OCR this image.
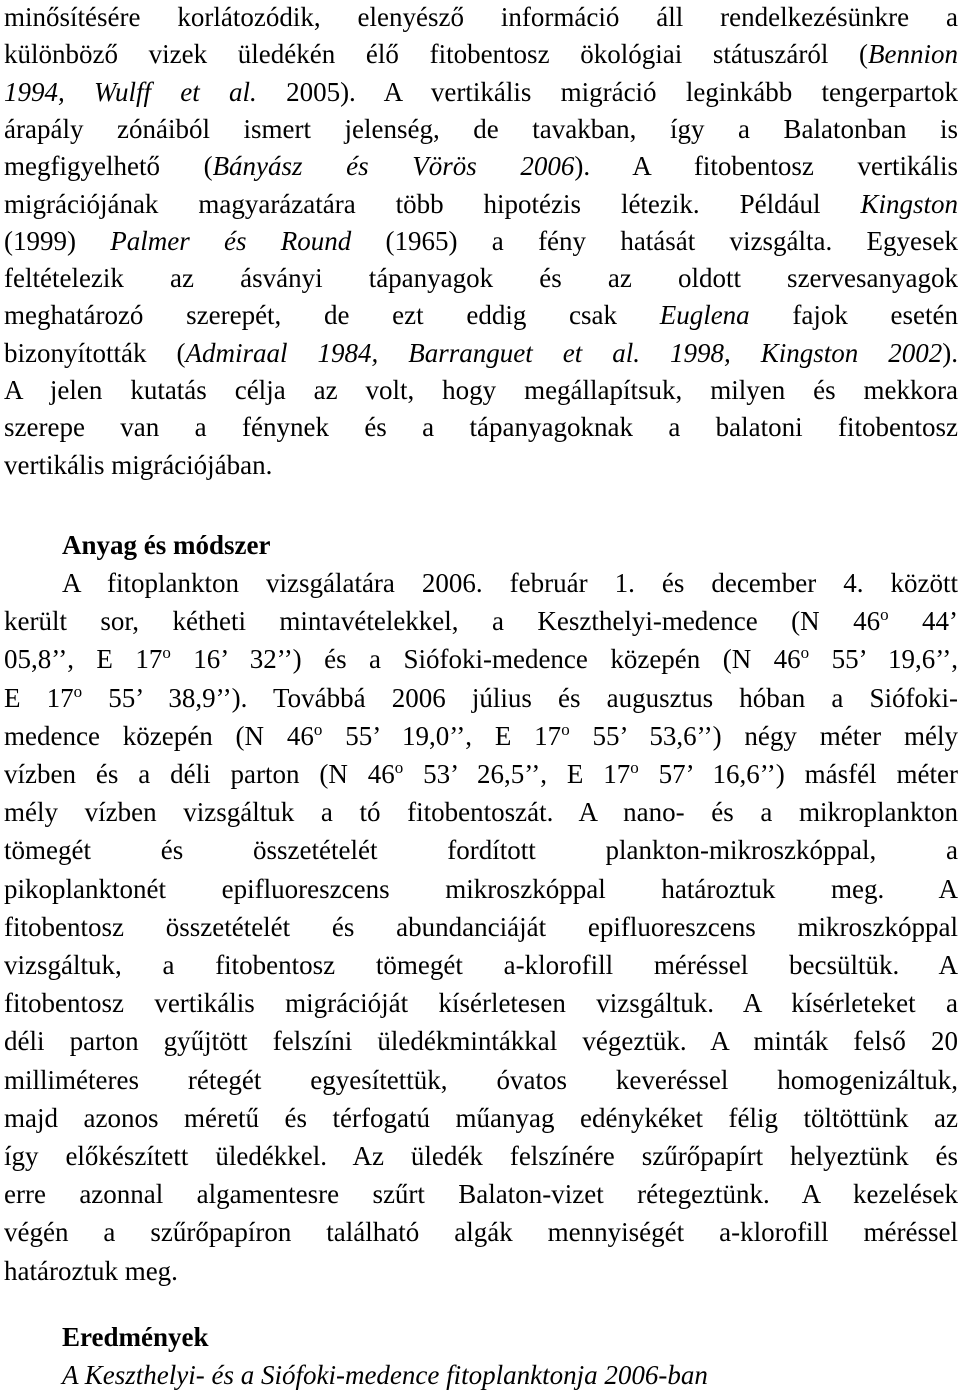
minősítésére korlátozódik, elenyésző információ áll rendelkezésünkre a
különböző vizek üledékén élő fitobentosz ökológiai státuszáról (Bennion
1994, Wulff et al. 2005). A vertikális migráció leginkább tengerpartok
árapály zónáiból ismert jelenség, de tavakban, így a Balatonban is
megfigyelhető (Bányász és Vörös 2006). A fitobentosz vertikális
migrációjának magyarázatára több hipotézis létezik. Például Kingston
(1999) Palmer és Round (1965) a fény hatását vizsgálta. Egyesek
feltételezik az ásványi tápanyagok és az oldott szervesanyagok
meghatározó szerepét, de ezt eddig csak Euglena fajok esetén
bizonyították (Admiraal 1984, Barranguet et al. 1998, Kingston 2002).
A jelen kutatás célja az volt, hogy megállapítsuk, milyen és mekkora
szerepe van a fénynek és a tápanyagoknak a balatoni fitobentosz
vertikális migrációjában.
Anyag és módszer
A fitoplankton vizsgálatára 2006. február 1. és december 4. között
került sor, kétheti mintavételekkel, a Keszthelyi-medence (N 46$^o$ 44’
05,8’’, E 17$^o$ 16’ 32’’) és a Siófoki-medence közepén (N 46$^o$ 55’ 19,6’’,
E 17$^o$ 55’ 38,9’’). Továbbá 2006 július és augusztus hóban a Siófoki-
medence közepén (N 46$^o$ 55’ 19,0’’, E 17$^o$ 55’ 53,6’’) négy méter mély
vízben és a déli parton (N 46$^o$ 53’ 26,5’’, E 17$^o$ 57’ 16,6’’) másfél méter
mély vízben vizsgáltuk a tó fitobentoszát. A nano- és a mikroplankton
tömegét és összetételét fordított plankton-mikroszkóppal, a
pikoplanktonét epifluoreszcens mikroszkóppal határoztuk meg. A
fitobentosz összetételét és abundanciáját epifluoreszcens mikroszkóppal
vizsgáltuk, a fitobentosz tömegét a-klorofill méréssel becsültük. A
fitobentosz vertikális migrációját kísérletesen vizsgáltuk. A kísérleteket a
déli parton gyűjtött felszíni üledékmintákkal végeztük. A minták felső 20
milliméteres rétegét egyesítettük, óvatos keveréssel homogenizáltuk,
majd azonos méretű és térfogatú műanyag edénykéket félig töltöttünk az
így előkészített üledékkel. Az üledék felszínére szűrőpapírt helyeztünk és
erre azonnal algamentesre szűrt Balaton-vizet rétegeztünk. A kezelések
végén a szűrőpapíron található algák mennyiségét a-klorofill méréssel
határoztuk meg.
Eredmények
A Keszthelyi- és a Siófoki-medence fitoplanktonja 2006-ban
